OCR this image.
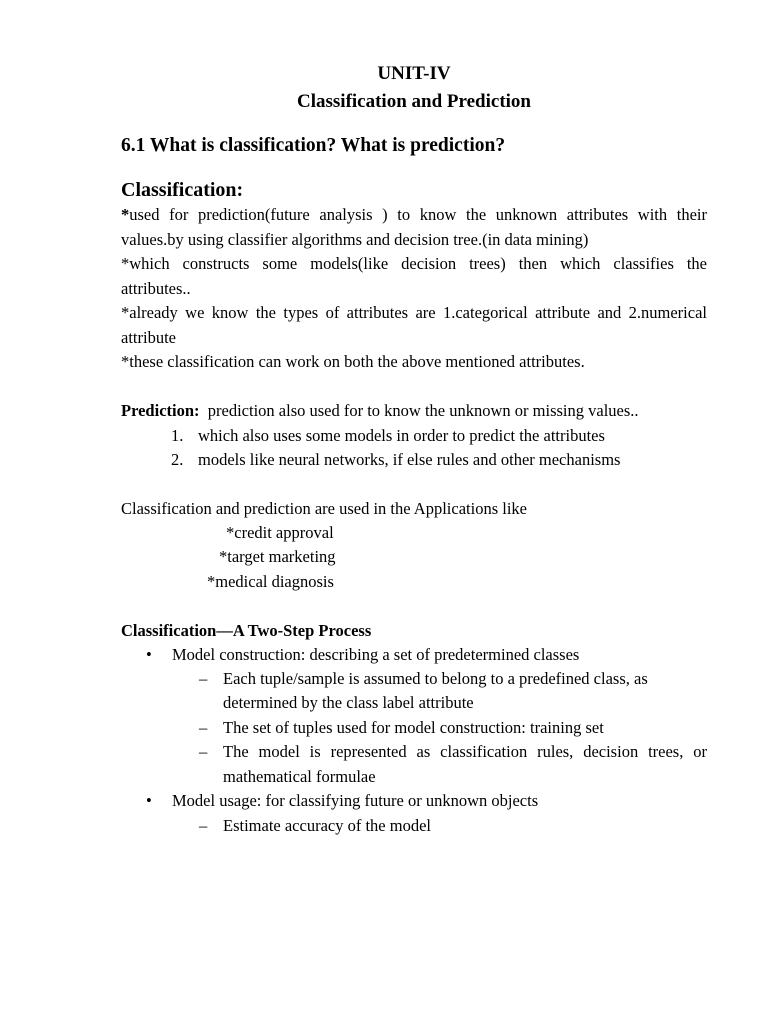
UNIT-IV
Classification and Prediction
6.1 What is classification? What is prediction?
Classification:
*used for prediction(future analysis ) to know the unknown attributes with their
values.by using classifier algorithms and decision tree.(in data mining)
*which constructs some models(like decision trees) then which classifies the
attributes..
*already we know the types of attributes are 1.categorical attribute and 2.numerical
attribute
*these classification can work on both the above mentioned attributes.
Prediction: prediction also used for to know the unknown or missing values..
1. which also uses some models in order to predict the attributes
2. models like neural networks, if else rules and other mechanisms
Classification and prediction are used in the Applications like
*credit approval
*target marketing
*medical diagnosis
Classification—A Two-Step Process
• Model construction: describing a set of predetermined classes
– Each tuple/sample is assumed to belong to a predefined class, as
determined by the class label attribute
– The set of tuples used for model construction: training set
– The model is represented as classification rules, decision trees, or
mathematical formulae
• Model usage: for classifying future or unknown objects
– Estimate accuracy of the model
